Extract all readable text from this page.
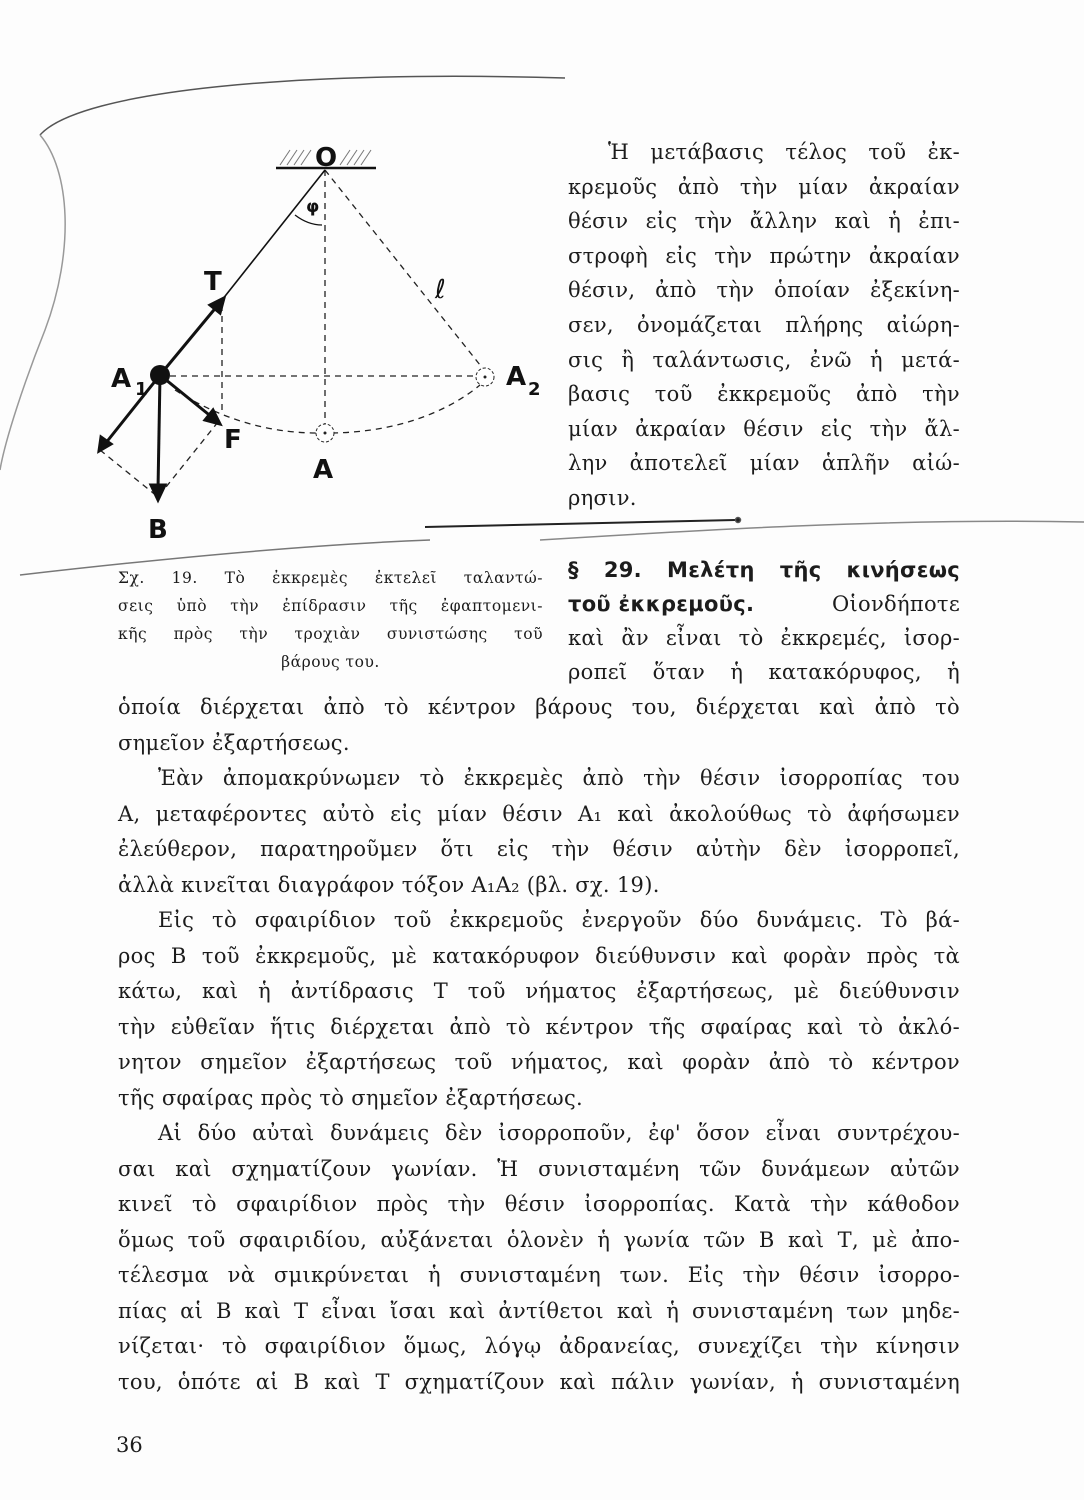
O
T
A 1	A 2
A
F
B
ℓ
φ
Ἡ μετάβασις τέλος τοῦ ἐκ-
κρεμοῦς ἀπὸ τὴν μίαν ἀκραίαν
θέσιν εἰς τὴν ἄλλην καὶ ἡ ἐπι-
στροφὴ εἰς τὴν πρώτην ἀκραίαν
θέσιν, ἀπὸ τὴν ὁποίαν ἐξεκίνη-
σεν, ὀνομάζεται πλήρης αἰώρη-
σις ἢ ταλάντωσις, ἐνῶ ἡ μετά-
βασις τοῦ ἐκκρεμοῦς ἀπὸ τὴν
μίαν ἀκραίαν θέσιν εἰς τὴν ἄλ-
λην ἀποτελεῖ μίαν ἁπλῆν αἰώ-
ρησιν.
ὁποία διέρχεται ἀπὸ τὸ κέντρον βάρους του, διέρχεται καὶ ἀπὸ τὸ
σημεῖον ἐξαρτήσεως.
Ἐὰν ἀπομακρύνωμεν τὸ ἐκκρεμὲς ἀπὸ τὴν θέσιν ἰσορροπίας του
Α, μεταφέροντες αὐτὸ εἰς μίαν θέσιν Α₁ καὶ ἀκολούθως τὸ ἀφήσωμεν
ἐλεύθερον, παρατηροῦμεν ὅτι εἰς τὴν θέσιν αὐτὴν δὲν ἰσορροπεῖ,
ἀλλὰ κινεῖται διαγράφον τόξον Α₁Α₂ (βλ. σχ. 19).
Εἰς τὸ σφαιρίδιον τοῦ ἐκκρεμοῦς ἐνεργοῦν δύο δυνάμεις. Τὸ βά-
ρος Β τοῦ ἐκκρεμοῦς, μὲ κατακόρυφον διεύθυνσιν καὶ φορὰν πρὸς τὰ
κάτω, καὶ ἡ ἀντίδρασις Τ τοῦ νήματος ἐξαρτήσεως, μὲ διεύθυνσιν
τὴν εὐθεῖαν ἥτις διέρχεται ἀπὸ τὸ κέντρον τῆς σφαίρας καὶ τὸ ἀκλό-
νητον σημεῖον ἐξαρτήσεως τοῦ νήματος, καὶ φορὰν ἀπὸ τὸ κέντρον
τῆς σφαίρας πρὸς τὸ σημεῖον ἐξαρτήσεως.
Αἱ δύο αὐταὶ δυνάμεις δὲν ἰσορροποῦν, ἐφ' ὅσον εἶναι συντρέχου-
σαι καὶ σχηματίζουν γωνίαν. Ἡ συνισταμένη τῶν δυνάμεων αὐτῶν
κινεῖ τὸ σφαιρίδιον πρὸς τὴν θέσιν ἰσορροπίας. Κατὰ τὴν κάθοδον
ὅμως τοῦ σφαιριδίου, αὐξάνεται ὁλονὲν ἡ γωνία τῶν Β καὶ Τ, μὲ ἀπο-
τέλεσμα νὰ σμικρύνεται ἡ συνισταμένη των. Εἰς τὴν θέσιν ἰσορρο-
πίας αἱ Β καὶ Τ εἶναι ἴσαι καὶ ἀντίθετοι καὶ ἡ συνισταμένη των μηδε-
νίζεται· τὸ σφαιρίδιον ὅμως, λόγῳ ἀδρανείας, συνεχίζει τὴν κίνησιν
του, ὁπότε αἱ Β καὶ Τ σχηματίζουν καὶ πάλιν γωνίαν, ἡ συνισταμένη
Σχ. 19. Τὸ ἐκκρεμὲς ἐκτελεῖ ταλαντώ-
σεις ὑπὸ τὴν ἐπίδρασιν τῆς ἐφαπτομενι-
κῆς πρὸς τὴν τροχιὰν συνιστώσης τοῦ
βάρους του.
§ 29. Μελέτη τῆς κινήσεως
τοῦ ἐκκρεμοῦς.	Οἱονδήποτε
καὶ ἂν εἶναι τὸ ἐκκρεμές, ἰσορ-
ροπεῖ ὅταν ἡ κατακόρυφος, ἡ
36
